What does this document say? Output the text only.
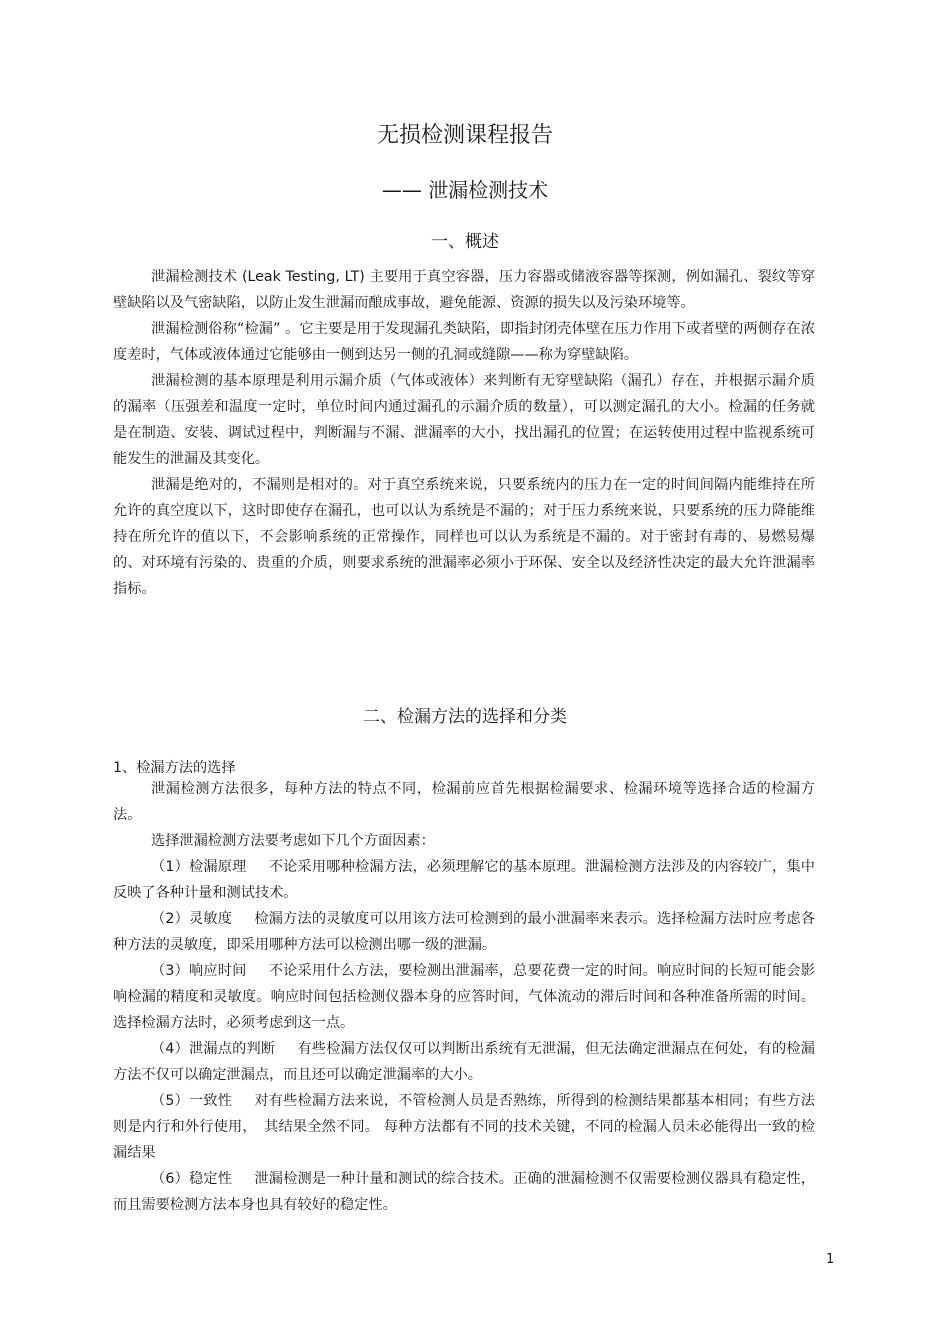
无损检测课程报告
—— 泄漏检测技术
一、概述

泄漏检测技术 (Leak Testing, LT) 主要用于真空容器，压力容器或储液容器等探测，例如漏孔、裂纹等穿壁缺陷以及气密缺陷，以防止发生泄漏而酿成事故，避免能源、资源的损失以及污染环境等。

泄漏检测俗称“检漏” 。它主要是用于发现漏孔类缺陷，即指封闭壳体壁在压力作用下或者壁的两侧存在浓度差时，气体或液体通过它能够由一侧到达另一侧的孔洞或缝隙——称为穿壁缺陷。

泄漏检测的基本原理是利用示漏介质（气体或液体）来判断有无穿壁缺陷（漏孔）存在，并根据示漏介质的漏率（压强差和温度一定时，单位时间内通过漏孔的示漏介质的数量），可以测定漏孔的大小。检漏的任务就是在制造、安装、调试过程中，判断漏与不漏、泄漏率的大小，找出漏孔的位置；在运转使用过程中监视系统可能发生的泄漏及其变化。

泄漏是绝对的，不漏则是相对的。对于真空系统来说，只要系统内的压力在一定的时间间隔内能维持在所允许的真空度以下，这时即使存在漏孔，也可以认为系统是不漏的；对于压力系统来说，只要系统的压力降能维持在所允许的值以下，不会影响系统的正常操作，同样也可以认为系统是不漏的。对于密封有毒的、易燃易爆的、对环境有污染的、贵重的介质，则要求系统的泄漏率必须小于环保、安全以及经济性决定的最大允许泄漏率指标。

二、检漏方法的选择和分类
1、检漏方法的选择

泄漏检测方法很多，每种方法的特点不同，检漏前应首先根据检漏要求、检漏环境等选择合适的检漏方法。

选择泄漏检测方法要考虑如下几个方面因素：

（1）检漏原理 不论采用哪种检漏方法，必须理解它的基本原理。泄漏检测方法涉及的内容较广，集中反映了各种计量和测试技术。

（2）灵敏度 检漏方法的灵敏度可以用该方法可检测到的最小泄漏率来表示。选择检漏方法时应考虑各种方法的灵敏度，即采用哪种方法可以检测出哪一级的泄漏。

（3）响应时间 不论采用什么方法，要检测出泄漏率，总要花费一定的时间。响应时间的长短可能会影响检漏的精度和灵敏度。响应时间包括检测仪器本身的应答时间，气体流动的滞后时间和各种准备所需的时间。选择检漏方法时，必须考虑到这一点。

（4）泄漏点的判断 有些检漏方法仅仅可以判断出系统有无泄漏，但无法确定泄漏点在何处，有的检漏方法不仅可以确定泄漏点，而且还可以确定泄漏率的大小。

（5）一致性 对有些检漏方法来说，不管检测人员是否熟练，所得到的检测结果都基本相同；有些方法则是内行和外行使用，　其结果全然不同。 每种方法都有不同的技术关键，不同的检漏人员未必能得出一致的检漏结果

（6）稳定性 泄漏检测是一种计量和测试的综合技术。正确的泄漏检测不仅需要检测仪器具有稳定性，而且需要检测方法本身也具有较好的稳定性。

1
